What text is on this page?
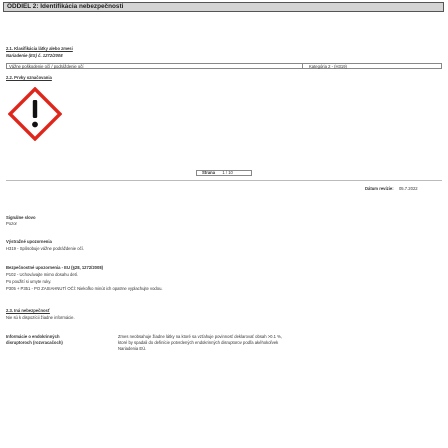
ODDIEL 2: Identifikácia nebezpečnosti
2.1. Klasifikácia látky alebo zmesi
Nariadenie (ES) č. 1272/2008
Vážne poškodenie očí / podráždenie očí	Kategória 2 - (H319)
2.2. Prvky označovania
Strana 1 / 10
Dátum revízie: 05.7.2022
Signálne slovo
Pozor
Výstražné upozornenia
H319 - Spôsobuje vážne podráždenie očí.
Bezpečnostné upozornenia - EU (§28, 1272/2008)
P102 - Uchovávajte mimo dosahu detí.
Po použití si umyte ruky.
P305 + P351 - PO ZASIAHNUTÍ OČÍ: Niekoľko minút ich opatrne vyplachujte vodou.
2.3. Iná nebezpečnosť
Nie sú k dispozícii žiadne informácie.
Informácie o endokrinných
disruptoroch (rozvracačoch)
Zmes neobsahuje žiadne látky na ktoré sa vzťahuje povinnosť deklarovať obsah >0.1 %,
ktoré by spadali do definície potvrdených endokrinných disruptorov podľa akéhokoľvek
Nariadenia EÚ.
